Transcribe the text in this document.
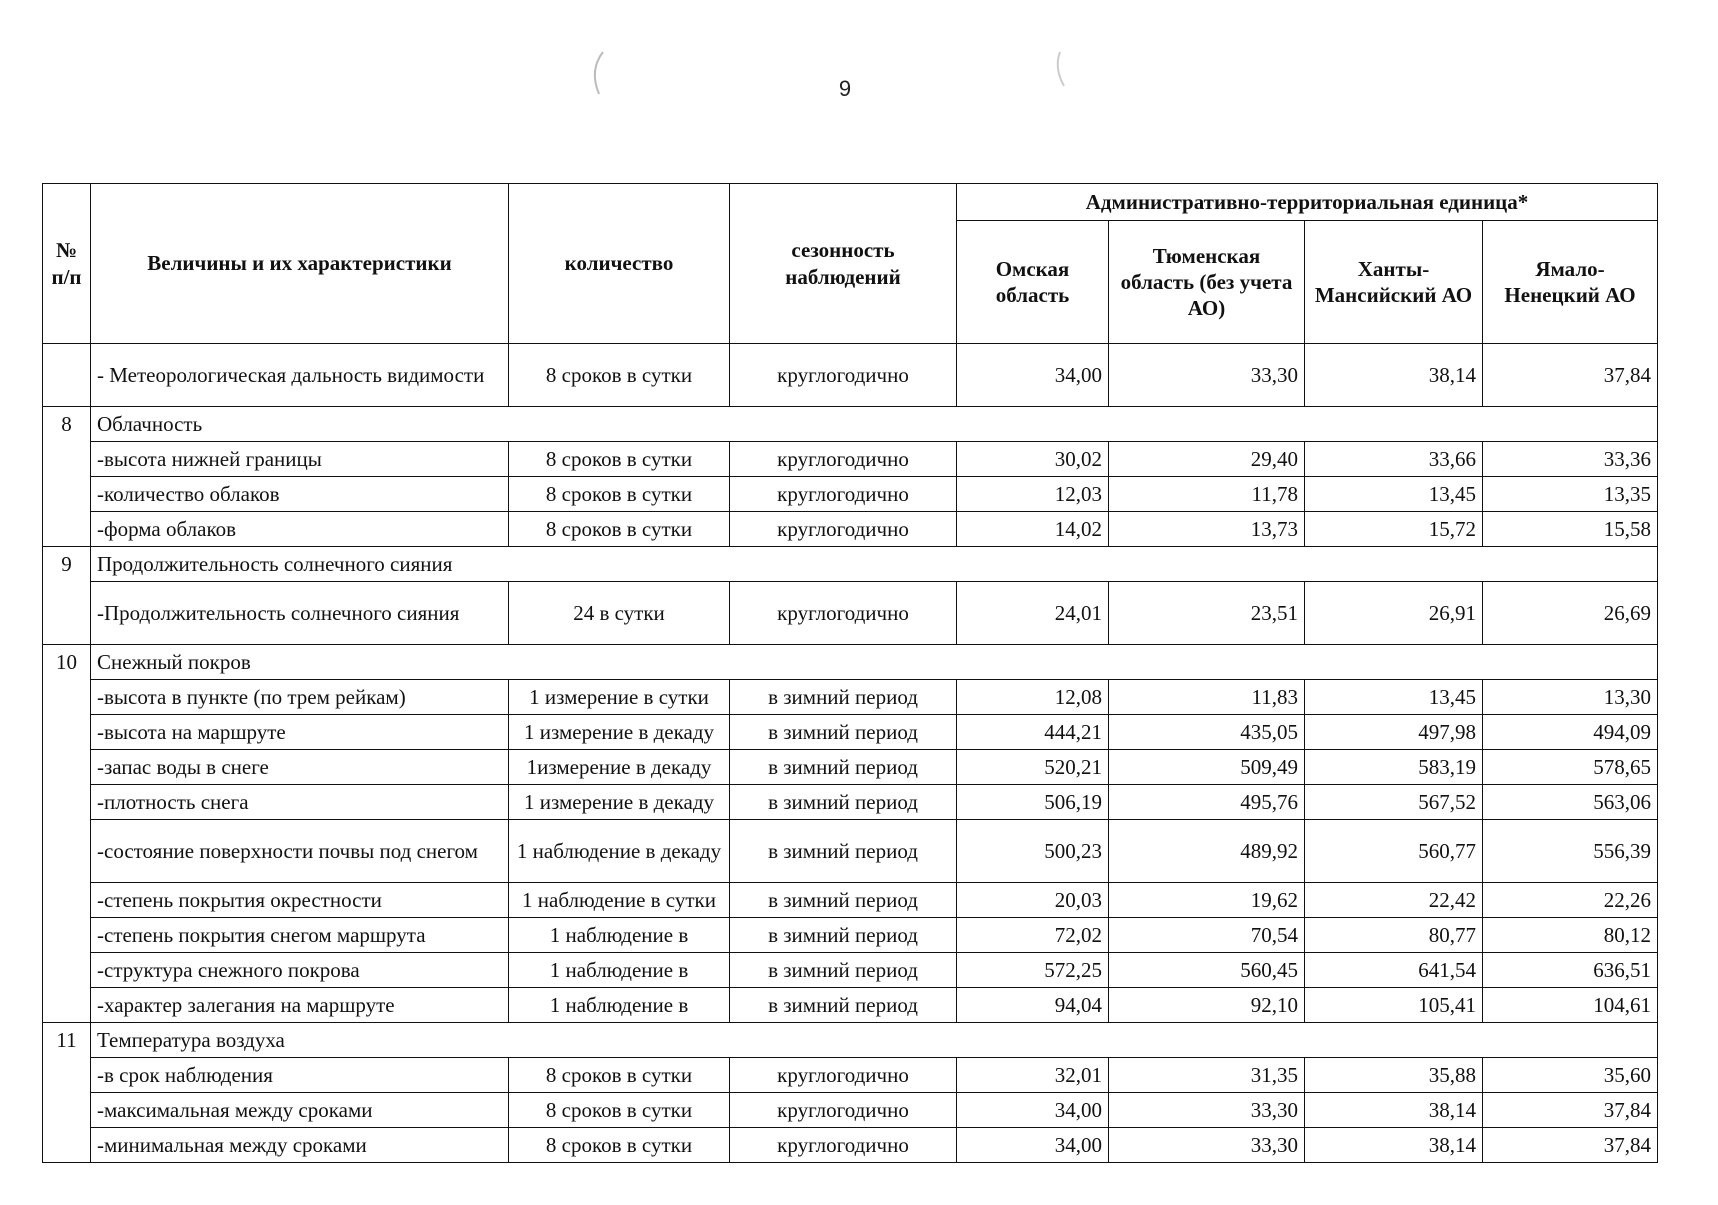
9
№ п/п	Величины и их характеристики	количество	сезонность наблюдений	Административно-территориальная единица*			
				Омская область	Тюменская область (без учета АО)	Ханты-Мансийский АО	Ямало-Ненецкий АО
	- Метеорологическая дальность видимости	8 сроков в сутки	круглогодично	34,00	33,30	38,14	37,84
8	Облачность						
	-высота нижней границы	8 сроков в сутки	круглогодично	30,02	29,40	33,66	33,36
	-количество облаков	8 сроков в сутки	круглогодично	12,03	11,78	13,45	13,35
	-форма облаков	8 сроков в сутки	круглогодично	14,02	13,73	15,72	15,58
9	Продолжительность солнечного сияния						
	-Продолжительность солнечного сияния	24 в сутки	круглогодично	24,01	23,51	26,91	26,69
10	Снежный покров						
	-высота в пункте (по трем рейкам)	1 измерение в сутки	в зимний период	12,08	11,83	13,45	13,30
	-высота на маршруте	1 измерение в декаду	в зимний период	444,21	435,05	497,98	494,09
	-запас воды в снеге	1измерение в декаду	в зимний период	520,21	509,49	583,19	578,65
	-плотность снега	1 измерение в декаду	в зимний период	506,19	495,76	567,52	563,06
	-состояние поверхности почвы под снегом	1 наблюдение в декаду	в зимний период	500,23	489,92	560,77	556,39
	-степень покрытия окрестности	1 наблюдение в сутки	в зимний период	20,03	19,62	22,42	22,26
	-степень покрытия снегом маршрута	1 наблюдение в	в зимний период	72,02	70,54	80,77	80,12
	-структура снежного покрова	1 наблюдение в	в зимний период	572,25	560,45	641,54	636,51
	-характер залегания на маршруте	1 наблюдение в	в зимний период	94,04	92,10	105,41	104,61
11	Температура воздуха						
	-в срок наблюдения	8 сроков в сутки	круглогодично	32,01	31,35	35,88	35,60
	-максимальная между сроками	8 сроков в сутки	круглогодично	34,00	33,30	38,14	37,84
	-минимальная между сроками	8 сроков в сутки	круглогодично	34,00	33,30	38,14	37,84
